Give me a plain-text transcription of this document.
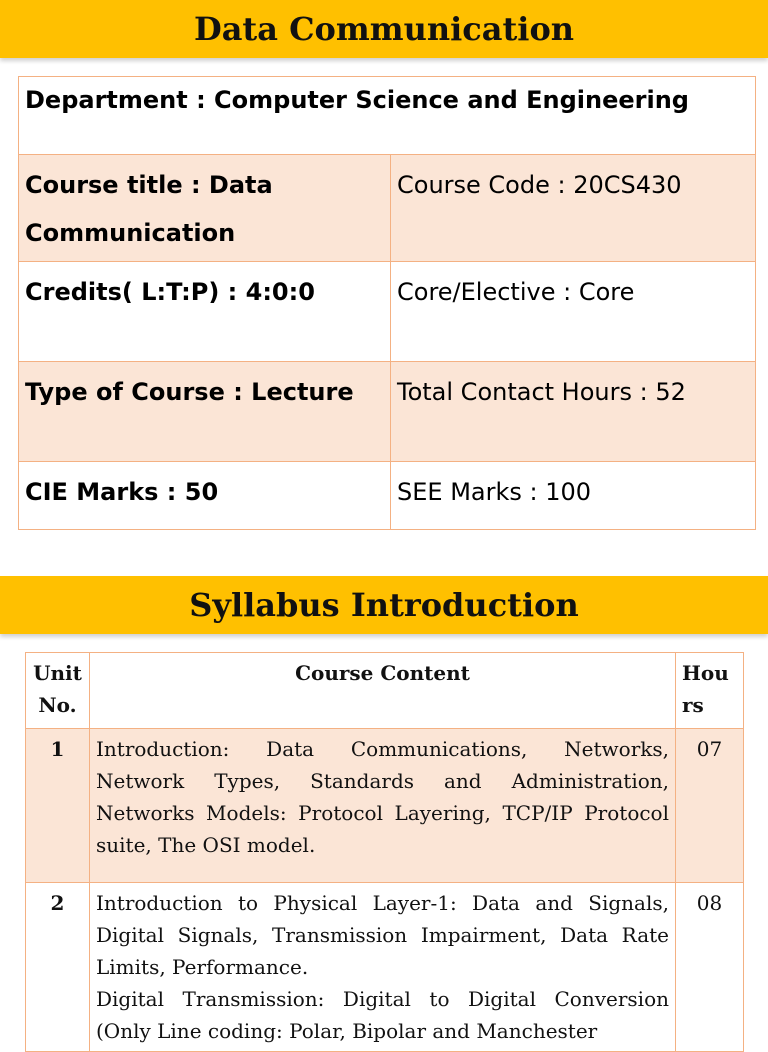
Data Communication
Department : Computer Science and Engineering	
Course title : Data Communication	Course Code : 20CS430
Credits( L:T:P) : 4:0:0	Core/Elective : Core
Type of Course : Lecture	Total Contact Hours : 52
CIE Marks : 50	SEE Marks : 100
Syllabus Introduction
Unit No.	Course Content	Hours
1	Introduction: Data Communications, Networks, Network Types, Standards and Administration, Networks Models: Protocol Layering, TCP/IP Protocol suite, The OSI model.	07
2	Introduction to Physical Layer-1: Data and Signals, Digital Signals, Transmission Impairment, Data Rate Limits, Performance.
Digital Transmission: Digital to Digital Conversion (Only Line coding: Polar, Bipolar and Manchester	08
